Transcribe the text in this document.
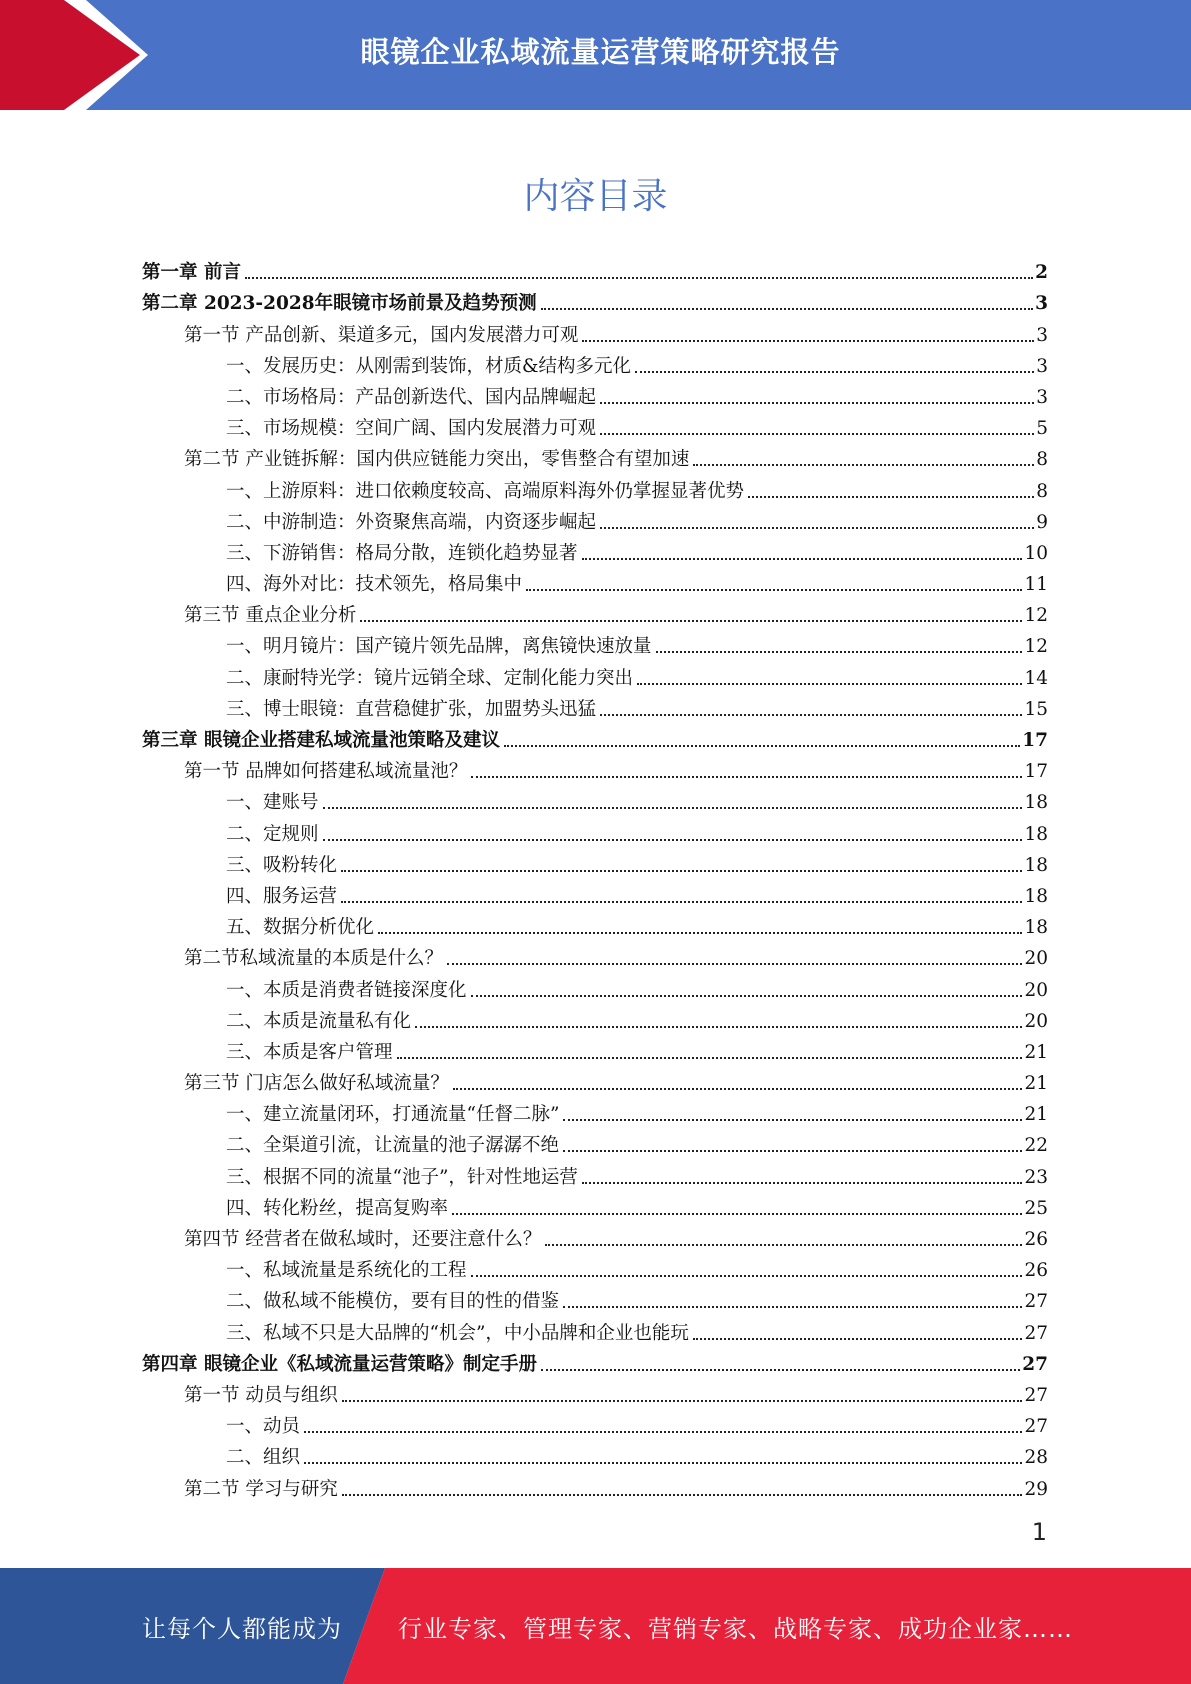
眼镜企业私域流量运营策略研究报告
内容目录
第一章 前言	2
第二章 2023-2028年眼镜市场前景及趋势预测	3
第一节 产品创新、渠道多元，国内发展潜力可观	3
一、发展历史：从刚需到装饰，材质&结构多元化	3
二、市场格局：产品创新迭代、国内品牌崛起	3
三、市场规模：空间广阔、国内发展潜力可观	5
第二节 产业链拆解：国内供应链能力突出，零售整合有望加速	8
一、上游原料：进口依赖度较高、高端原料海外仍掌握显著优势	8
二、中游制造：外资聚焦高端，内资逐步崛起	9
三、下游销售：格局分散，连锁化趋势显著	10
四、海外对比：技术领先，格局集中	11
第三节 重点企业分析	12
一、明月镜片：国产镜片领先品牌，离焦镜快速放量	12
二、康耐特光学：镜片远销全球、定制化能力突出	14
三、博士眼镜：直营稳健扩张，加盟势头迅猛	15
第三章 眼镜企业搭建私域流量池策略及建议	17
第一节 品牌如何搭建私域流量池？	17
一、建账号	18
二、定规则	18
三、吸粉转化	18
四、服务运营	18
五、数据分析优化	18
第二节私域流量的本质是什么？	20
一、本质是消费者链接深度化	20
二、本质是流量私有化	20
三、本质是客户管理	21
第三节 门店怎么做好私域流量？	21
一、建立流量闭环，打通流量“任督二脉”	21
二、全渠道引流，让流量的池子潺潺不绝	22
三、根据不同的流量“池子”，针对性地运营	23
四、转化粉丝，提高复购率	25
第四节 经营者在做私域时，还要注意什么？	26
一、私域流量是系统化的工程	26
二、做私域不能模仿，要有目的性的借鉴	27
三、私域不只是大品牌的“机会”，中小品牌和企业也能玩	27
第四章 眼镜企业《私域流量运营策略》制定手册	27
第一节 动员与组织	27
一、动员	27
二、组织	28
第二节 学习与研究	29
1
让每个人都能成为 行业专家、管理专家、营销专家、战略专家、成功企业家……
